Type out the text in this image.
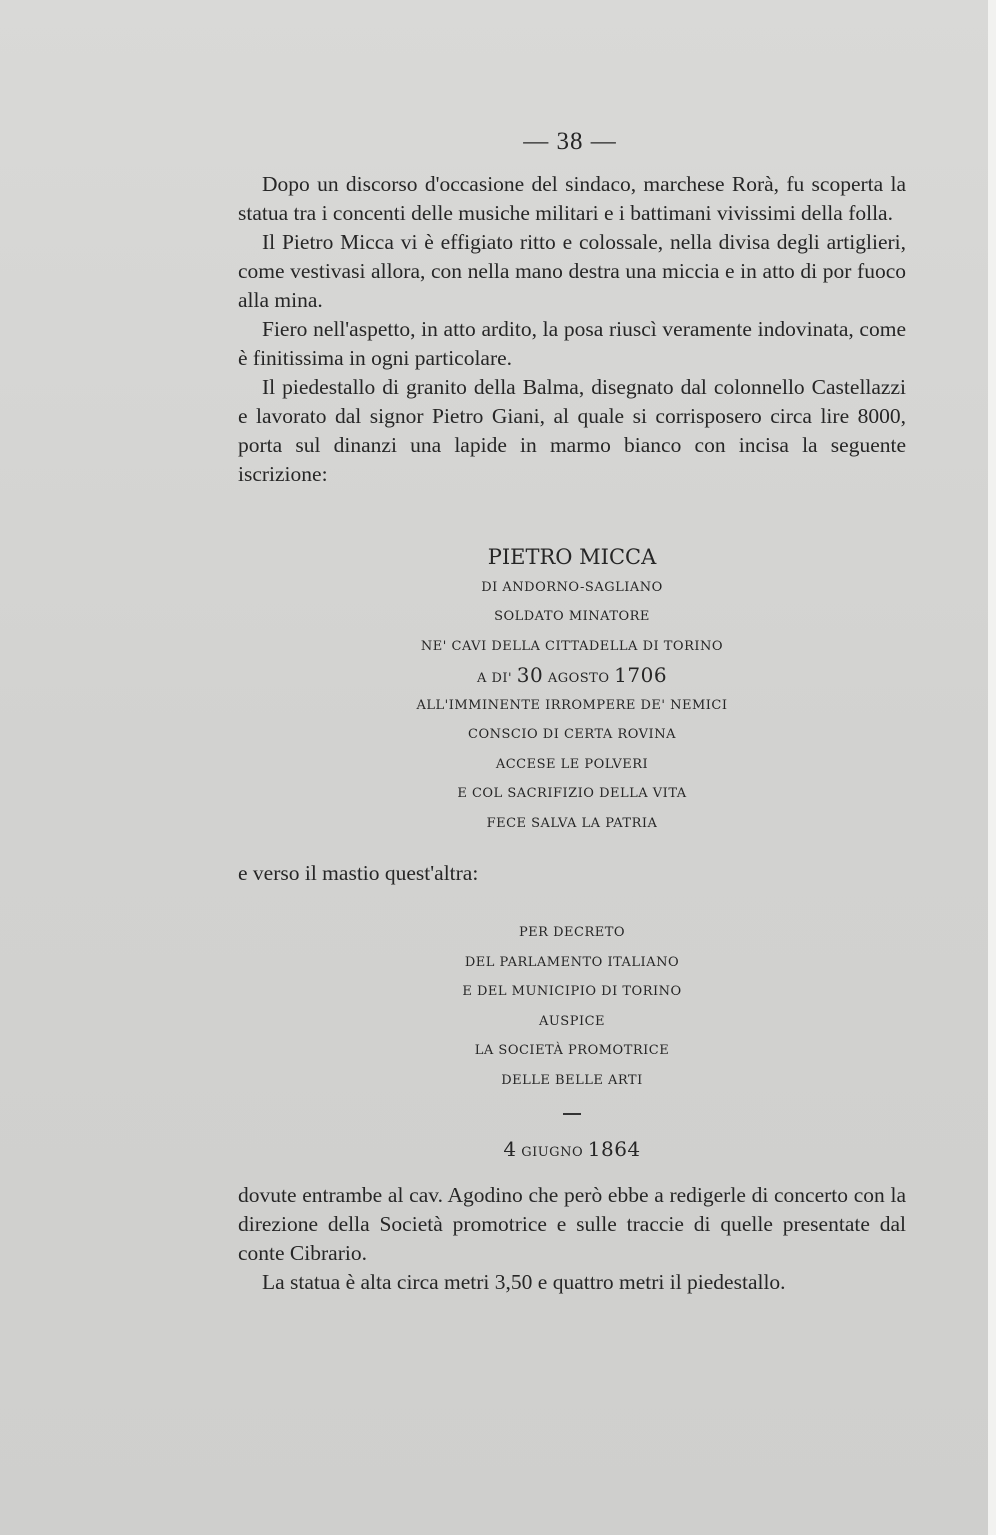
— 38 —

Dopo un discorso d'occasione del sindaco, marchese Rorà, fu scoperta la statua tra i concenti delle musiche militari e i battimani vivissimi della folla.

Il Pietro Micca vi è effigiato ritto e colossale, nella divisa degli artiglieri, come vestivasi allora, con nella mano destra una miccia e in atto di por fuoco alla mina.

Fiero nell'aspetto, in atto ardito, la posa riuscì veramente indovinata, come è finitissima in ogni particolare.

Il piedestallo di granito della Balma, disegnato dal colonnello Castellazzi e lavorato dal signor Pietro Giani, al quale si corrisposero circa lire 8000, porta sul dinanzi una lapide in marmo bianco con incisa la seguente iscrizione:

PIETRO MICCA
DI ANDORNO-SAGLIANO
SOLDATO MINATORE
NE' CAVI DELLA CITTADELLA DI TORINO
A DI' 30 AGOSTO 1706
ALL'IMMINENTE IRROMPERE DE' NEMICI
CONSCIO DI CERTA ROVINA
ACCESE LE POLVERI
E COL SACRIFIZIO DELLA VITA
FECE SALVA LA PATRIA
e verso il mastio quest'altra:
PER DECRETO
DEL PARLAMENTO ITALIANO
E DEL MUNICIPIO DI TORINO
AUSPICE
LA SOCIETÀ PROMOTRICE
DELLE BELLE ARTI
4 GIUGNO 1864

dovute entrambe al cav. Agodino che però ebbe a redigerle di concerto con la direzione della Società promotrice e sulle traccie di quelle presentate dal conte Cibrario.

La statua è alta circa metri 3,50 e quattro metri il piedestallo.
